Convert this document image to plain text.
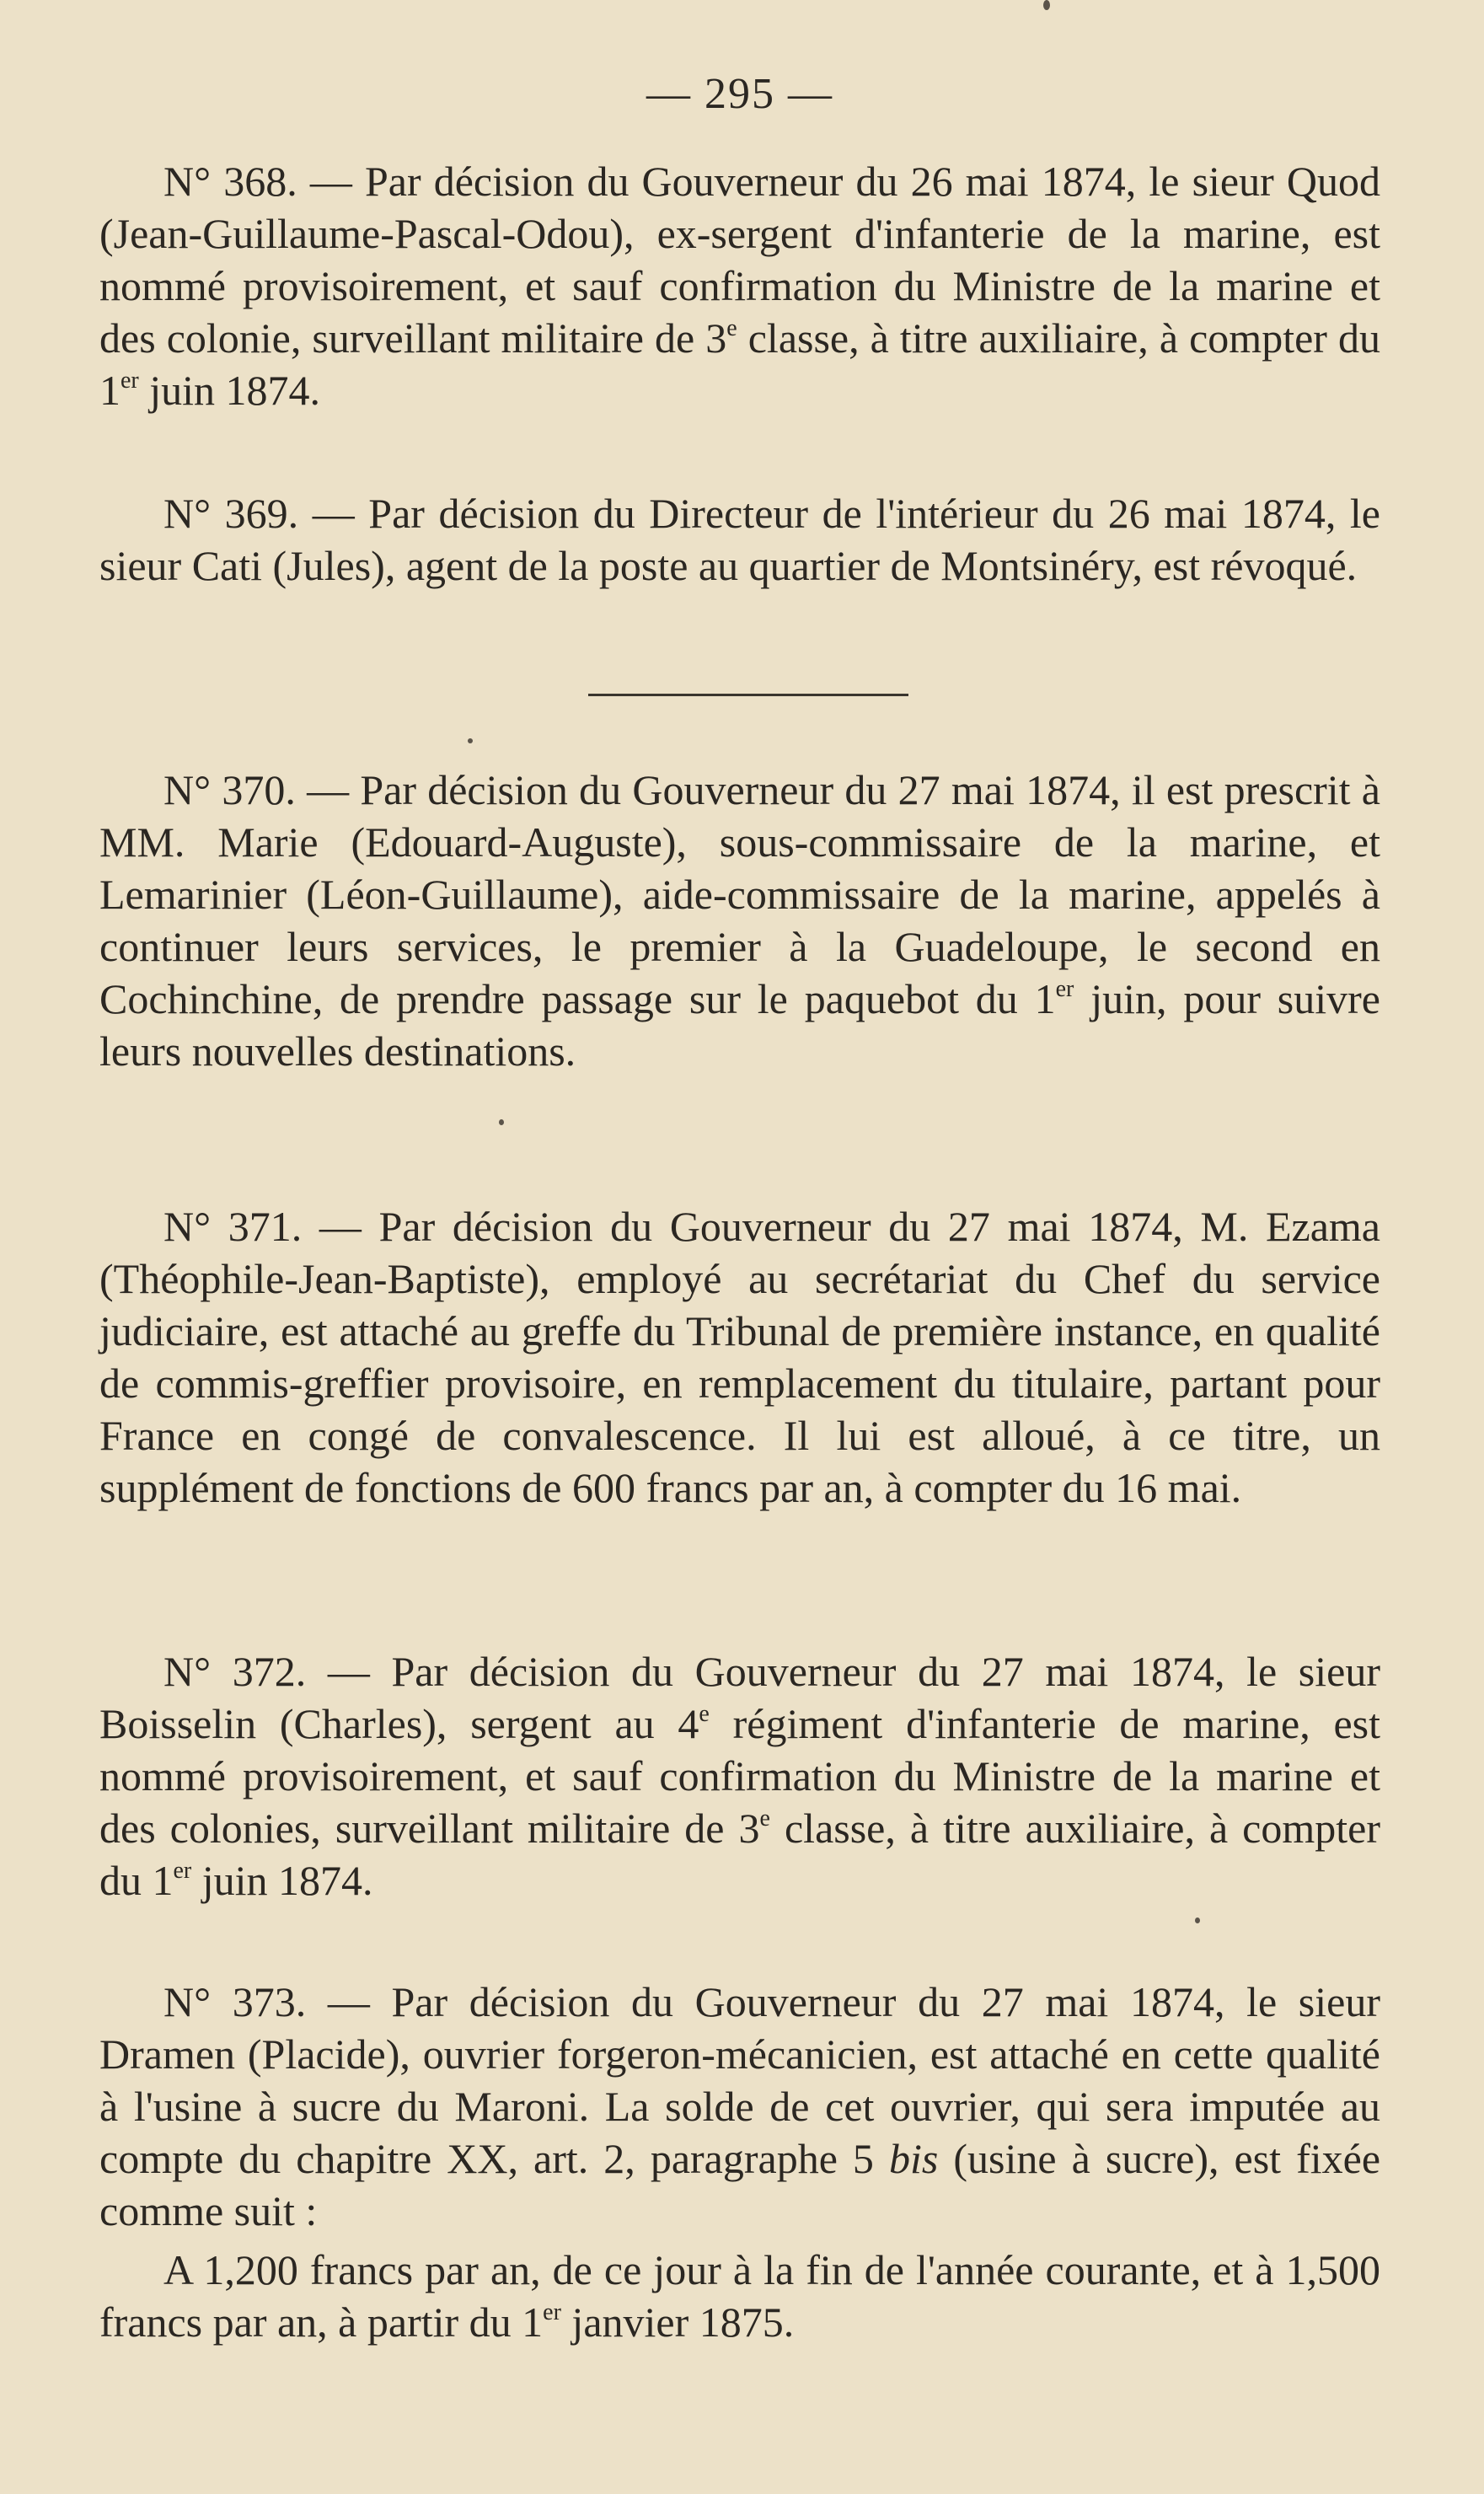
— 295 —

N° 368. — Par décision du Gouverneur du 26 mai 1874, le sieur Quod (Jean-Guillaume-Pascal-Odou), ex-sergent d'infanterie de la marine, est nommé provisoirement, et sauf confirmation du Ministre de la marine et des colonie, surveillant militaire de 3e classe, à titre auxiliaire, à compter du 1er juin 1874.

N° 369. — Par décision du Directeur de l'intérieur du 26 mai 1874, le sieur Cati (Jules), agent de la poste au quartier de Montsinéry, est révoqué.

N° 370. — Par décision du Gouverneur du 27 mai 1874, il est prescrit à MM. Marie (Edouard-Auguste), sous-commissaire de la marine, et Lemarinier (Léon-Guillaume), aide-commissaire de la marine, appelés à continuer leurs services, le premier à la Guadeloupe, le second en Cochinchine, de prendre passage sur le paquebot du 1er juin, pour suivre leurs nouvelles destinations.

N° 371. — Par décision du Gouverneur du 27 mai 1874, M. Ezama (Théophile-Jean-Baptiste), employé au secrétariat du Chef du service judiciaire, est attaché au greffe du Tribunal de première instance, en qualité de commis-greffier provisoire, en remplacement du titulaire, partant pour France en congé de convalescence. Il lui est alloué, à ce titre, un supplément de fonctions de 600 francs par an, à compter du 16 mai.

N° 372. — Par décision du Gouverneur du 27 mai 1874, le sieur Boisselin (Charles), sergent au 4e régiment d'infanterie de marine, est nommé provisoirement, et sauf confirmation du Ministre de la marine et des colonies, surveillant militaire de 3e classe, à titre auxiliaire, à compter du 1er juin 1874.

N° 373. — Par décision du Gouverneur du 27 mai 1874, le sieur Dramen (Placide), ouvrier forgeron-mécanicien, est attaché en cette qualité à l'usine à sucre du Maroni. La solde de cet ouvrier, qui sera imputée au compte du chapitre XX, art. 2, paragraphe 5 bis (usine à sucre), est fixée comme suit :

A 1,200 francs par an, de ce jour à la fin de l'année courante, et à 1,500 francs par an, à partir du 1er janvier 1875.
